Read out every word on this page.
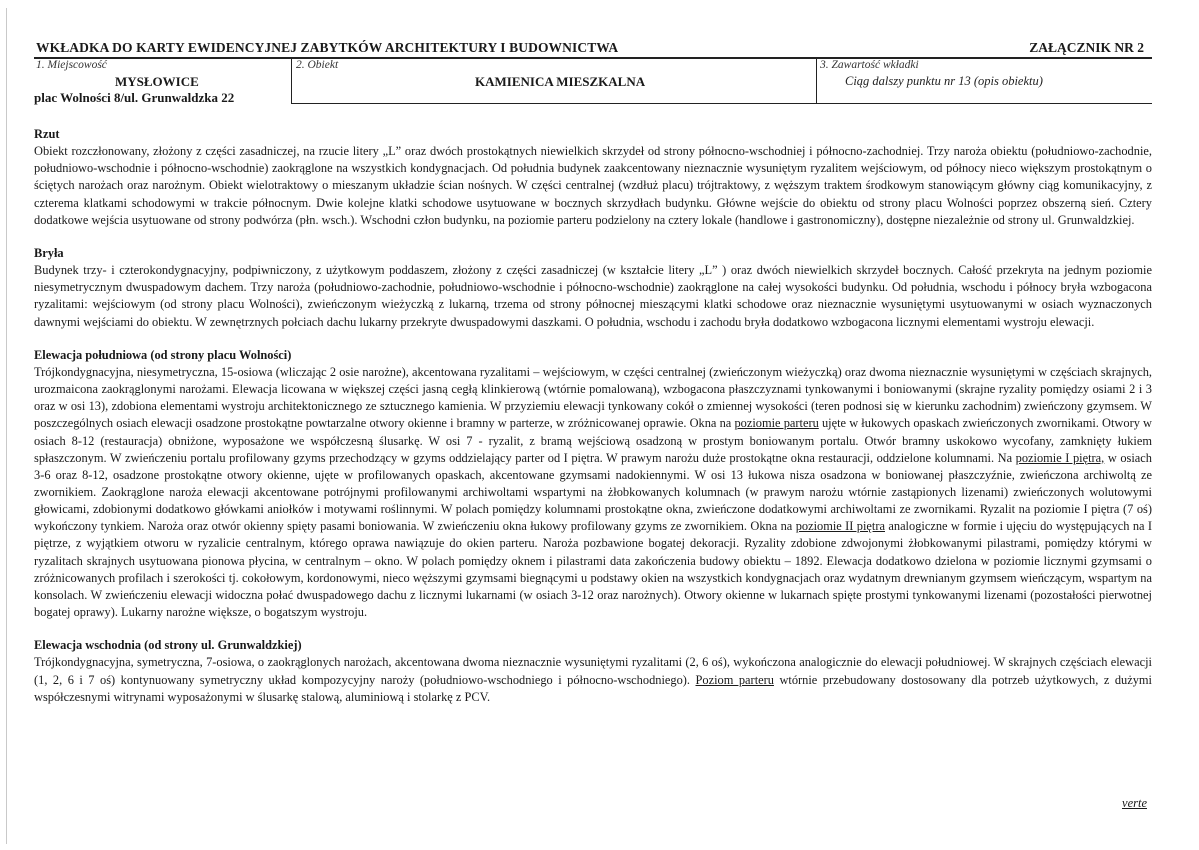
WKŁADKA DO KARTY EWIDENCYJNEJ ZABYTKÓW ARCHITEKTURY I BUDOWNICTWA	ZAŁĄCZNIK NR 2
1. Miejscowość
MYSŁOWICE
plac Wolności 8/ul. Grunwaldzka 22
2. Obiekt
KAMIENICA MIESZKALNA
3. Zawartość wkładki
Ciąg dalszy punktu nr 13 (opis obiektu)

Rzut

Obiekt rozczłonowany, złożony z części zasadniczej, na rzucie litery „L” oraz dwóch prostokątnych niewielkich skrzydeł od strony północno-wschodniej i północno-zachodniej. Trzy naroża obiektu (południowo-zachodnie, południowo-wschodnie i północno-wschodnie) zaokrąglone na wszystkich kondygnacjach. Od południa budynek zaakcentowany nieznacznie wysuniętym ryzalitem wejściowym, od północy nieco większym prostokątnym o ściętych narożach oraz narożnym. Obiekt wielotraktowy o mieszanym układzie ścian nośnych. W części centralnej (wzdłuż placu) trójtraktowy, z węższym traktem środkowym stanowiącym główny ciąg komunikacyjny, z czterema klatkami schodowymi w trakcie północnym. Dwie kolejne klatki schodowe usytuowane w bocznych skrzydłach budynku. Główne wejście do obiektu od strony placu Wolności poprzez obszerną sień. Cztery dodatkowe wejścia usytuowane od strony podwórza (płn. wsch.). Wschodni człon budynku, na poziomie parteru podzielony na cztery lokale (handlowe i gastronomiczny), dostępne niezależnie od strony ul. Grunwaldzkiej.

Bryła

Budynek trzy- i czterokondygnacyjny, podpiwniczony, z użytkowym poddaszem, złożony z części zasadniczej (w kształcie litery „L” ) oraz dwóch niewielkich skrzydeł bocznych. Całość przekryta na jednym poziomie niesymetrycznym dwuspadowym dachem. Trzy naroża (południowo-zachodnie, południowo-wschodnie i północno-wschodnie) zaokrąglone na całej wysokości budynku. Od południa, wschodu i północy bryła wzbogacona ryzalitami: wejściowym (od strony placu Wolności), zwieńczonym wieżyczką z lukarną, trzema od strony północnej mieszącymi klatki schodowe oraz nieznacznie wysuniętymi usytuowanymi w osiach wyznaczonych dawnymi wejściami do obiektu. W zewnętrznych połciach dachu lukarny przekryte dwuspadowymi daszkami. O południa, wschodu i zachodu bryła dodatkowo wzbogacona licznymi elementami wystroju elewacji.

Elewacja południowa (od strony placu Wolności)

Trójkondygnacyjna, niesymetryczna, 15-osiowa (wliczając 2 osie narożne), akcentowana ryzalitami – wejściowym, w części centralnej (zwieńczonym wieżyczką) oraz dwoma nieznacznie wysuniętymi w częściach skrajnych, urozmaicona zaokrąglonymi narożami. Elewacja licowana w większej części jasną cegłą klinkierową (wtórnie pomalowaną), wzbogacona płaszczyznami tynkowanymi i boniowanymi (skrajne ryzality pomiędzy osiami 2 i 3 oraz w osi 13), zdobiona elementami wystroju architektonicznego ze sztucznego kamienia. W przyziemiu elewacji tynkowany cokół o zmiennej wysokości (teren podnosi się w kierunku zachodnim) zwieńczony gzymsem. W poszczególnych osiach elewacji osadzone prostokątne powtarzalne otwory okienne i bramny w parterze, w zróżnicowanej oprawie. Okna na poziomie parteru ujęte w łukowych opaskach zwieńczonych zwornikami. Otwory w osiach 8-12 (restauracja) obniżone, wyposażone we współczesną ślusarkę. W osi 7 - ryzalit, z bramą wejściową osadzoną w prostym boniowanym portalu. Otwór bramny uskokowo wycofany, zamknięty łukiem spłaszczonym. W zwieńczeniu portalu profilowany gzyms przechodzący w gzyms oddzielający parter od I piętra. W prawym narożu duże prostokątne okna restauracji, oddzielone kolumnami. Na poziomie I piętra, w osiach 3-6 oraz 8-12, osadzone prostokątne otwory okienne, ujęte w profilowanych opaskach, akcentowane gzymsami nadokiennymi. W osi 13 łukowa nisza osadzona w boniowanej płaszczyźnie, zwieńczona archiwoltą ze zwornikiem. Zaokrąglone naroża elewacji akcentowane potrójnymi profilowanymi archiwoltami wspartymi na żłobkowanych kolumnach (w prawym narożu wtórnie zastąpionych lizenami) zwieńczonych wolutowymi głowicami, zdobionymi dodatkowo główkami aniołków i motywami roślinnymi. W polach pomiędzy kolumnami prostokątne okna, zwieńczone dodatkowymi archiwoltami ze zwornikami. Ryzalit na poziomie I piętra (7 oś) wykończony tynkiem. Naroża oraz otwór okienny spięty pasami boniowania. W zwieńczeniu okna łukowy profilowany gzyms ze zwornikiem. Okna na poziomie II piętra analogiczne w formie i ujęciu do występujących na I piętrze, z wyjątkiem otworu w ryzalicie centralnym, którego oprawa nawiązuje do okien parteru. Naroża pozbawione bogatej dekoracji. Ryzality zdobione zdwojonymi żłobkowanymi pilastrami, pomiędzy którymi w ryzalitach skrajnych usytuowana pionowa płycina, w centralnym – okno. W polach pomiędzy oknem i pilastrami data zakończenia budowy obiektu – 1892. Elewacja dodatkowo dzielona w poziomie licznymi gzymsami o zróżnicowanych profilach i szerokości tj. cokołowym, kordonowymi, nieco węższymi gzymsami biegnącymi u podstawy okien na wszystkich kondygnacjach oraz wydatnym drewnianym gzymsem wieńczącym, wspartym na konsolach. W zwieńczeniu elewacji widoczna połać dwuspadowego dachu z licznymi lukarnami (w osiach 3-12 oraz narożnych). Otwory okienne w lukarnach spięte prostymi tynkowanymi lizenami (pozostałości pierwotnej bogatej oprawy). Lukarny narożne większe, o bogatszym wystroju.

Elewacja wschodnia (od strony ul. Grunwaldzkiej)

Trójkondygnacyjna, symetryczna, 7-osiowa, o zaokrąglonych narożach, akcentowana dwoma nieznacznie wysuniętymi ryzalitami (2, 6 oś), wykończona analogicznie do elewacji południowej. W skrajnych częściach elewacji (1, 2, 6 i 7 oś) kontynuowany symetryczny układ kompozycyjny naroży (południowo-wschodniego i północno-wschodniego). Poziom parteru wtórnie przebudowany dostosowany dla potrzeb użytkowych, z dużymi współczesnymi witrynami wyposażonymi w ślusarkę stalową, aluminiową i stolarkę z PCV.

verte
